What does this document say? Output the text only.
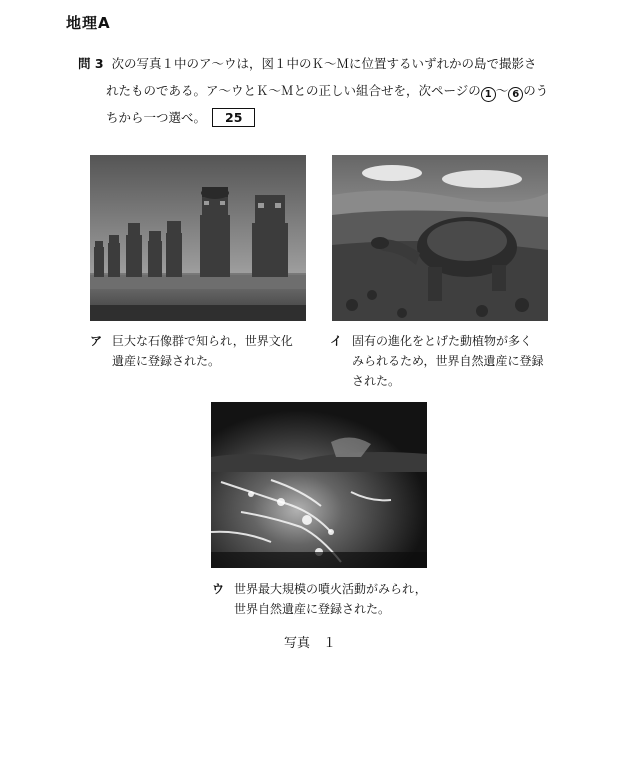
地理A
問 3 次の写真１中のア〜ウは，図１中のＫ〜Ｍに位置するいずれかの島で撮影さ
れたものである。ア〜ウとＫ〜Ｍとの正しい組合せを，次ページの 1 〜 6 のう
ちから一つ選べ。 25
ア 巨大な石像群で知られ，世界文化
遺産に登録された。
イ 固有の進化をとげた動植物が多く
みられるため，世界自然遺産に登録
された。
ウ 世界最大規模の噴火活動がみられ，
世界自然遺産に登録された。
写真　１
